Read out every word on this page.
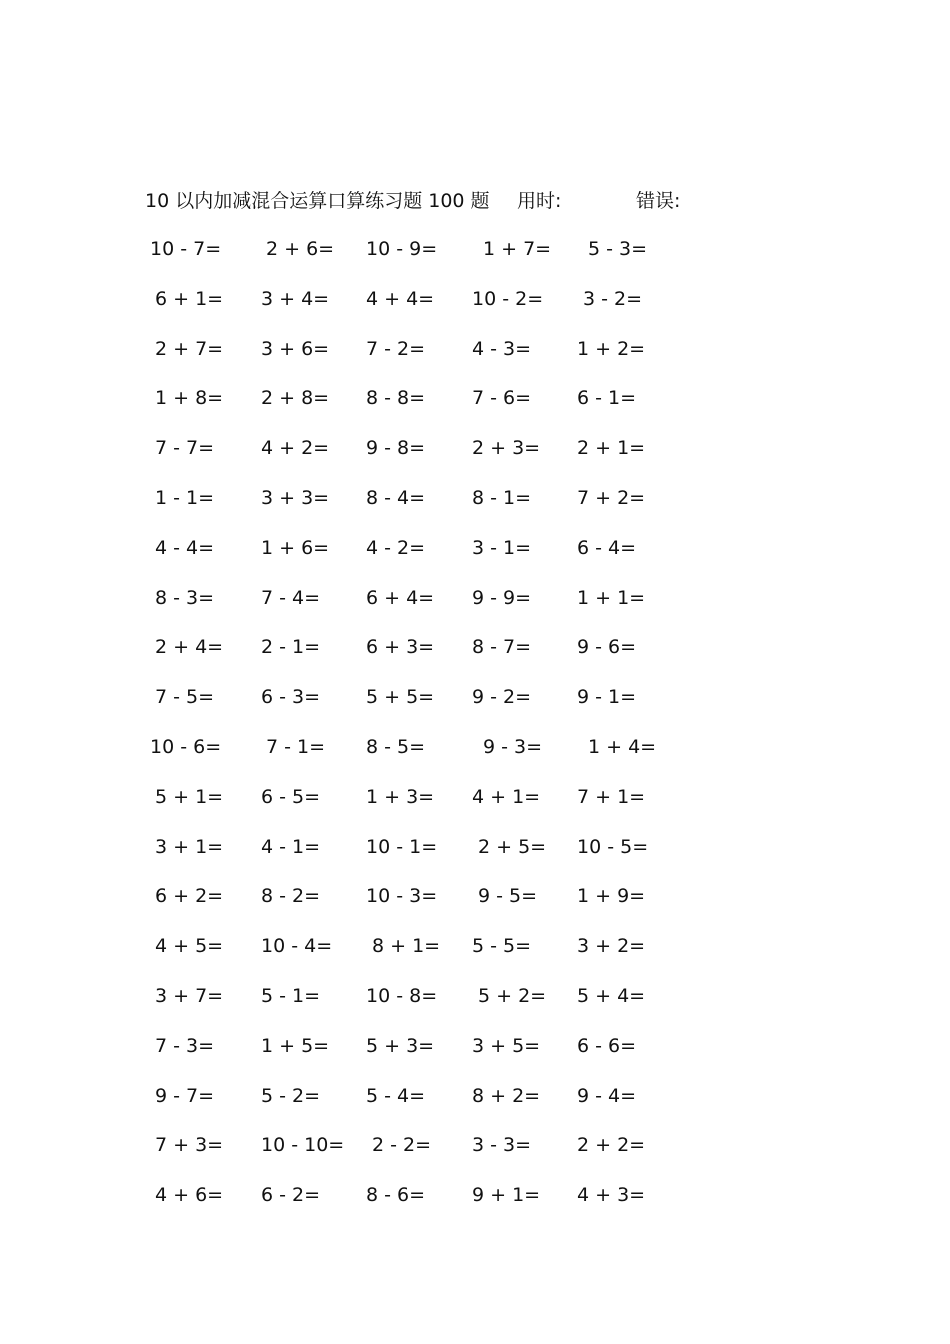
10 以内加减混合运算口算练习题 100 题 用时:	错误:
10 - 7= 2 + 6= 10 - 9= 1 + 7= 5 - 3=
6 + 1= 3 + 4= 4 + 4= 10 - 2= 3 - 2=
2 + 7= 3 + 6= 7 - 2= 4 - 3= 1 + 2=
1 + 8= 2 + 8= 8 - 8= 7 - 6= 6 - 1=
7 - 7= 4 + 2= 9 - 8= 2 + 3= 2 + 1=
1 - 1= 3 + 3= 8 - 4= 8 - 1= 7 + 2=
4 - 4= 1 + 6= 4 - 2= 3 - 1= 6 - 4=
8 - 3= 7 - 4= 6 + 4= 9 - 9= 1 + 1=
2 + 4= 2 - 1= 6 + 3= 8 - 7= 9 - 6=
7 - 5= 6 - 3= 5 + 5= 9 - 2= 9 - 1=
10 - 6= 7 - 1= 8 - 5=	9 - 3= 1 + 4=
5 + 1= 6 - 5= 1 + 3= 4 + 1= 7 + 1=
3 + 1= 4 - 1= 10 - 1= 2 + 5= 10 - 5=
6 + 2= 8 - 2= 10 - 3= 9 - 5= 1 + 9=
4 + 5= 10 - 4= 8 + 1= 5 - 5= 3 + 2=
3 + 7= 5 - 1= 10 - 8= 5 + 2= 5 + 4=
7 - 3= 1 + 5= 5 + 3= 3 + 5= 6 - 6=
9 - 7= 5 - 2= 5 - 4= 8 + 2= 9 - 4=
7 + 3= 10 - 10= 2 - 2= 3 - 3= 2 + 2=
4 + 6= 6 - 2= 8 - 6= 9 + 1= 4 + 3=
